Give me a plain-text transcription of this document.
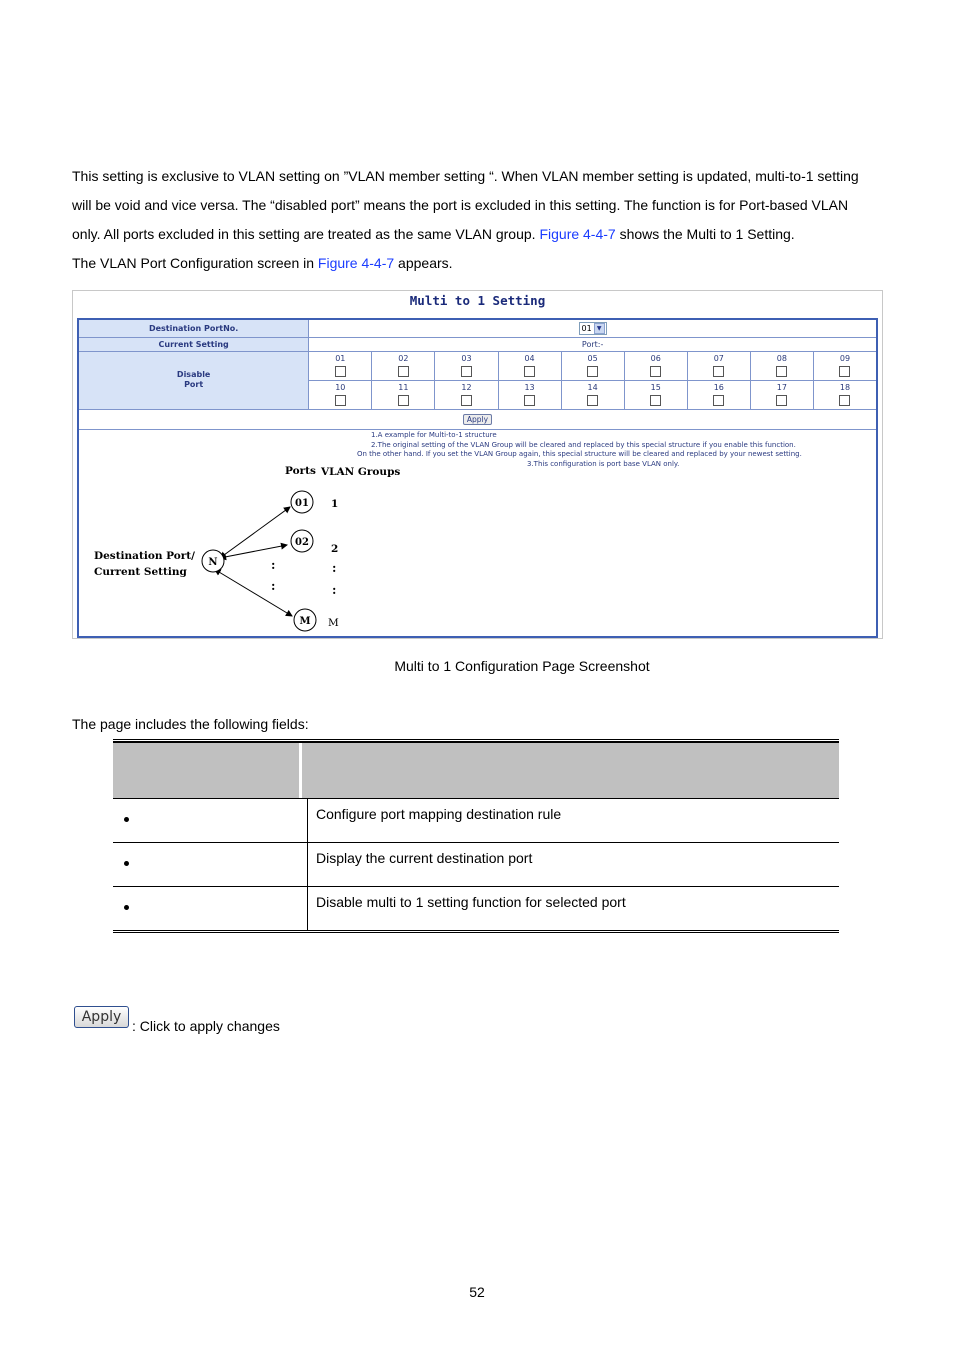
This setting is exclusive to VLAN setting on ”VLAN member setting “. When VLAN member setting is updated, multi-to-1 setting

will be void and vice versa. The “disabled port” means the port is excluded in this setting. The function is for Port-based VLAN

only. All ports excluded in this setting are treated as the same VLAN group. Figure 4-4-7 shows the Multi to 1 Setting.

The VLAN Port Configuration screen in Figure 4-4-7 appears.

Multi to 1 Setting
Destination PortNo.	01 ▼								
Current Setting	Port:-								
Disable
Port	01	02	03	04	05	06	07	08	09

	10	11	12	13	14	15	16	17	18

Apply									

1.A example for Multi-to-1 structure
2.The original setting of the VLAN Group will be cleared and replaced by this special structure if you enable this function.
On the other hand. If you set the VLAN Group again, this special structure will be cleared and replaced by your newest setting.
3.This configuration is port base VLAN only.
Ports VLAN Groups
Destination Port/
Current Setting
N
01
02
M
:
:
1
2
:
:
M
Multi to 1 Configuration Page Screenshot

The page includes the following fields:

Configure port mapping destination rule
Display the current destination port
Disable multi to 1 setting function for selected port
Apply
: Click to apply changes
52
